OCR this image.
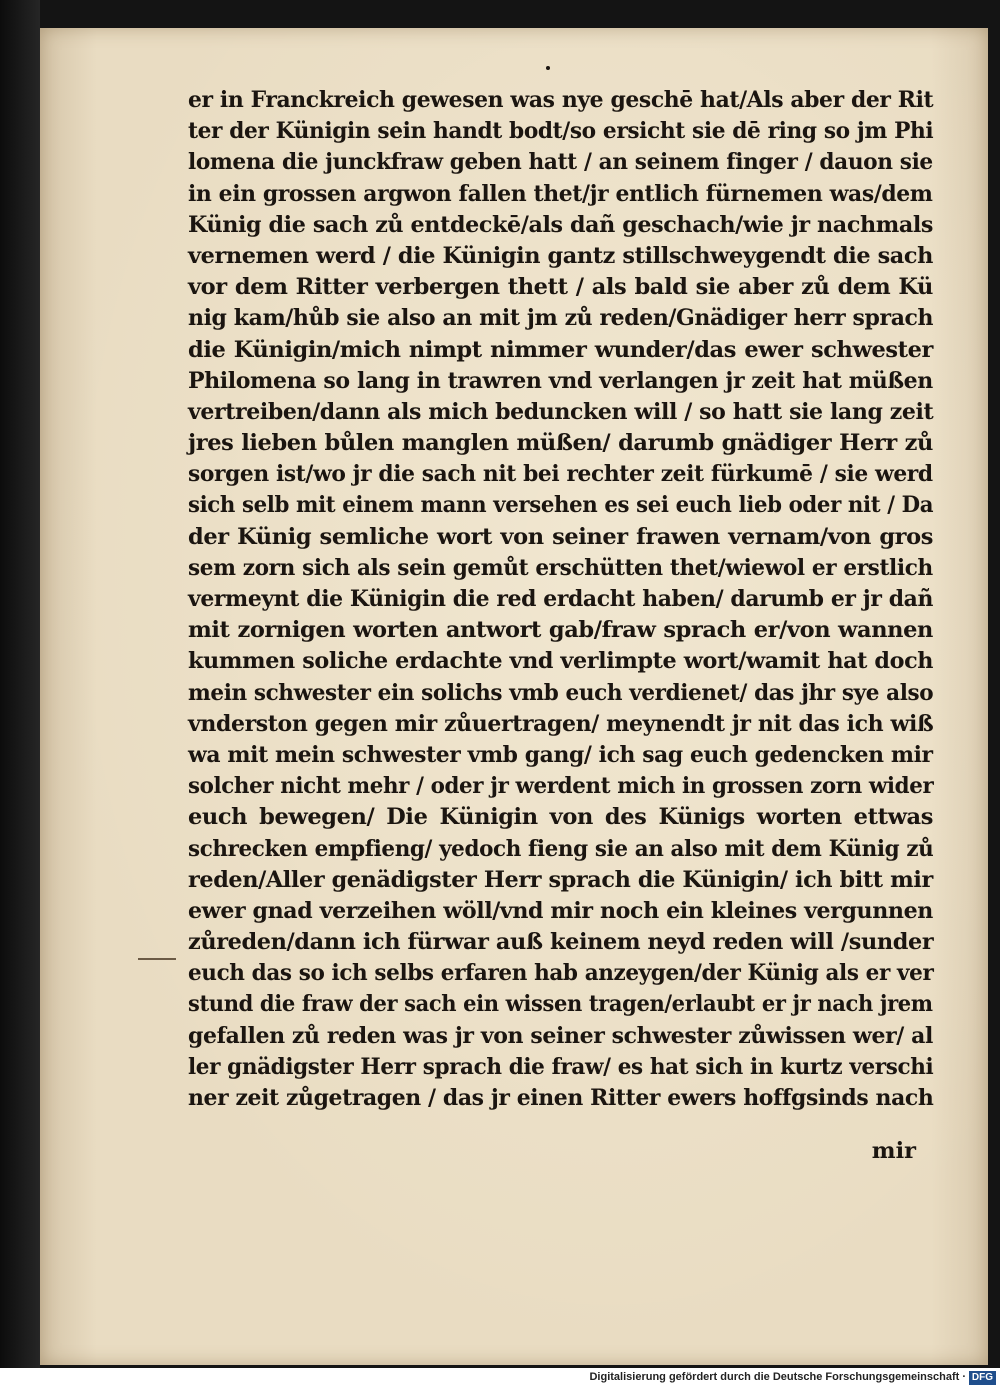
er in Franckreich gewesen was nye geschē hat/Als aber der Rit
ter der Künigin sein handt bodt/so ersicht sie dē ring so jm Phi
lomena die junckfraw geben hatt / an seinem finger / dauon sie
in ein grossen argwon fallen thet/jr entlich fürnemen was/dem
Künig die sach zů entdeckē/als dañ geschach/wie jr nachmals
vernemen werd / die Künigin gantz stillschweygendt die sach
vor dem Ritter verbergen thett / als bald sie aber zů dem Kü
nig kam/hůb sie also an mit jm zů reden/Gnädiger herr sprach
die Künigin/mich nimpt nimmer wunder/das ewer schwester
Philomena so lang in trawren vnd verlangen jr zeit hat müßen
vertreiben/dann als mich beduncken will / so hatt sie lang zeit
jres lieben bůlen manglen müßen/ darumb gnädiger Herr zů
sorgen ist/wo jr die sach nit bei rechter zeit fürkumē / sie werd
sich selb mit einem mann versehen es sei euch lieb oder nit / Da
der Künig semliche wort von seiner frawen vernam/von gros
sem zorn sich als sein gemůt erschütten thet/wiewol er erstlich
vermeynt die Künigin die red erdacht haben/ darumb er jr dañ
mit zornigen worten antwort gab/fraw sprach er/von wannen
kummen soliche erdachte vnd verlimpte wort/wamit hat doch
mein schwester ein solichs vmb euch verdienet/ das jhr sye also
vnderston gegen mir zůuertragen/ meynendt jr nit das ich wiß
wa mit mein schwester vmb gang/ ich sag euch gedencken mir
solcher nicht mehr / oder jr werdent mich in grossen zorn wider
euch bewegen/ Die Künigin von des Künigs worten ettwas
schrecken empfieng/ yedoch fieng sie an also mit dem Künig zů
reden/Aller genädigster Herr sprach die Künigin/ ich bitt mir
ewer gnad verzeihen wöll/vnd mir noch ein kleines vergunnen
zůreden/dann ich fürwar auß keinem neyd reden will /sunder
euch das so ich selbs erfaren hab anzeygen/der Künig als er ver
stund die fraw der sach ein wissen tragen/erlaubt er jr nach jrem
gefallen zů reden was jr von seiner schwester zůwissen wer/ al
ler gnädigster Herr sprach die fraw/ es hat sich in kurtz verschi
ner zeit zůgetragen / das jr einen Ritter ewers hoffgsinds nach
mir
Digitalisierung gefördert durch die Deutsche Forschungsgemeinschaft · DFG
